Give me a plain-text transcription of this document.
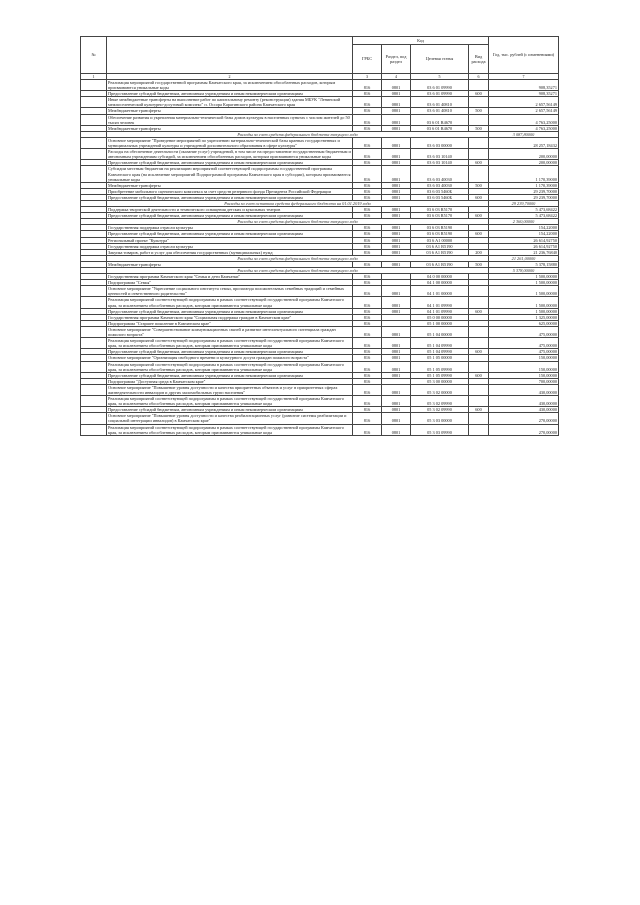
№		Код				Год, тыс. рублей (с изменениями)
		ГРБС	Раздел, под раздел	Целевая статья	Вид расхода	
1	2	3	4	5	6	7
	Реализация мероприятий государственной программы Камчатского края, за исключением обособленных расходов, которым присваиваются уникальные коды	816	0801	03 6 01 09990		908,35271
	Предоставление субсидий бюджетным, автономным учреждениям и иным некоммерческим организациям	816	0801	03 6 01 09990	600	908,35271
	Иные межбюджетные трансферты на выполнение работ по капитальному ремонту (реконструкции) здания МБУК "Ленинский межпоселенческий культурно-досуговый комплекс" п. Оссора Карагинского района Камчатского края	816	0801	03 6 01 40810		2 657,56149
	Межбюджетные трансферты	816	0801	03 6 01 40810	500	2 657,56149
	Обеспечение развития и укрепления материально-технической базы домов культуры в населенных пунктах с числом жителей до 50 тысяч человек	816	0801	03 6 01 R4670		4 763,25000
	Межбюджетные трансферты	816	0801	03 6 01 R4670	500	4 763,25000
	Расходы за счет средств федерального бюджета текущего года					3 087,80000
	Основное мероприятие "Проведение мероприятий по укреплению материально-технической базы краевых государственных и муниципальных учреждений культуры и учреждений дополнительного образования в сфере культуры"	816	0801	03 6 03 00000		28 257,18432
	Расходы на обеспечение деятельности (оказание услуг) учреждений, в том числе на предоставление государственным бюджетным и автономным учреждениям субсидий, за исключением обособленных расходов, которым присваиваются уникальные коды	816	0801	03 6 03 10140		200,00000
	Предоставление субсидий бюджетным, автономным учреждениям и иным некоммерческим организациям	816	0801	03 6 03 10140	600	200,00000
	Субсидии местным бюджетам на реализацию мероприятий соответствующей подпрограммы государственной программы Камчатского края (на исключение мероприятий Подпрограммой программы Камчатского края в субсидии), которым присваиваются уникальные коды	816	0801	03 6 03 40030		1 170,39000
	Межбюджетные трансферты	816	0801	03 6 03 40030	500	1 170,39000
	Приобретение мобильного сценического комплекса за счет средств резервного фонда Президента Российской Федерации	816	0801	03 6 03 5460Б		29 239,70000
	Предоставление субсидий бюджетным, автономным учреждениям и иным некоммерческим организациям	816	0801	03 6 03 5460Б	600	29 239,70000
	Расходы за счет остатков средств федерального бюджета на 01.01.2019 года					29 239,70000
	Поддержка творческой деятельности и технического оснащения детских и кукольных театров	816	0801	03 6 03 R5170		5 473,68422
	Предоставление субсидий бюджетным, автономным учреждениям и иным некоммерческим организациям	816	0801	03 6 03 R5170	600	5 473,68422
	Расходы за счет средств федерального бюджета текущего года					2 360,00000
	Государственная поддержка отрасли культуры	816	0801	03 6 03 R5190		154,22000
	Предоставление субсидий бюджетным, автономным учреждениям и иным некоммерческим организациям	816	0801	03 6 03 R5190	600	154,22000
	Региональный проект "Культура"	816	0801	03 6 A1 00000		26 614,92750
	Государственная поддержка отрасли культуры	816	0801	03 6 A1 R5190		26 614,92750
	Закупка товаров, работ и услуг для обеспечения государственных (муниципальных) нужд	816	0801	03 6 A1 R5190	200	21 236,76840
	Расходы за счет средств федерального бюджета текущего года					21 261,00000
	Межбюджетные трансферты	816	0801	03 6 A1 R5190	500	5 378,15880
	Расходы за счет средств федерального бюджета текущего года					5 378,00000
	Государственная программа Камчатского края "Семья и дети Камчатки"	816		04 0 00 00000		1 500,00000
	Подпрограмма "Семья"	816		04 1 00 00000		1 500,00000
	Основное мероприятие "Укрепление социального института семьи, пропаганда положительных семейных традиций и семейных ценностей и ответственного родительства"	816	0801	04 1 01 00000		1 500,00000
	Реализация мероприятий соответствующей подпрограммы в рамках соответствующей государственной программы Камчатского края, за исключением обособленных расходов, которым присваиваются уникальные коды	816	0801	04 1 01 09990		1 500,00000
	Предоставление субсидий бюджетным, автономным учреждениям и иным некоммерческим организациям	816	0801	04 1 01 09990	600	1 500,00000
	Государственная программа Камчатского края "Социальная поддержка граждан в Камчатском крае"	816		05 0 00 00000		1 325,00000
	Подпрограмма "Старшее поколение в Камчатском крае"	816		05 1 00 00000		625,00000
	Основное мероприятие "Совершенствование коммуникационных связей и развитие интеллектуального потенциала граждан пожилого возраста"	816	0801	05 1 04 00000		475,00000
	Реализация мероприятий соответствующей подпрограммы в рамках соответствующей государственной программы Камчатского края, за исключением обособленных расходов, которым присваиваются уникальные коды	816	0801	05 1 04 09990		475,00000
	Предоставление субсидий бюджетным, автономным учреждениям и иным некоммерческим организациям	816	0801	05 1 04 09990	600	475,00000
	Основное мероприятие "Организация свободного времени и культурного досуга граждан пожилого возраста"	816	0801	05 1 05 00000		150,00000
	Реализация мероприятий соответствующей подпрограммы в рамках соответствующей государственной программы Камчатского края, за исключением обособленных расходов, которым присваиваются уникальные коды	816	0801	05 1 05 09990		150,00000
	Предоставление субсидий бюджетным, автономным учреждениям и иным некоммерческим организациям	816	0801	05 1 05 09990	600	150,00000
	Подпрограмма "Доступная среда в Камчатском крае"	816		05 3 00 00000		700,00000
	Основное мероприятие "Повышение уровня доступности и качества приоритетных объектов и услуг в приоритетных сферах жизнедеятельности инвалидов и других маломобильных групп населения"	816	0801	05 3 02 00000		430,00000
	Реализация мероприятий соответствующей подпрограммы в рамках соответствующей государственной программы Камчатского края, за исключением обособленных расходов, которым присваиваются уникальные коды	816	0801	05 3 02 09990		430,00000
	Предоставление субсидий бюджетным, автономным учреждениям и иным некоммерческим организациям	816	0801	05 3 02 09990	600	430,00000
	Основное мероприятие "Повышение уровня доступности и качества реабилитационных услуг (развитие системы реабилитации и социальной интеграции инвалидов) в Камчатском крае"	816	0801	05 3 03 00000		270,00000
	Реализация мероприятий соответствующей подпрограммы в рамках соответствующей государственной программы Камчатского края, за исключением обособленных расходов, которым присваиваются уникальные коды	816	0801	05 3 03 09990		270,00000
